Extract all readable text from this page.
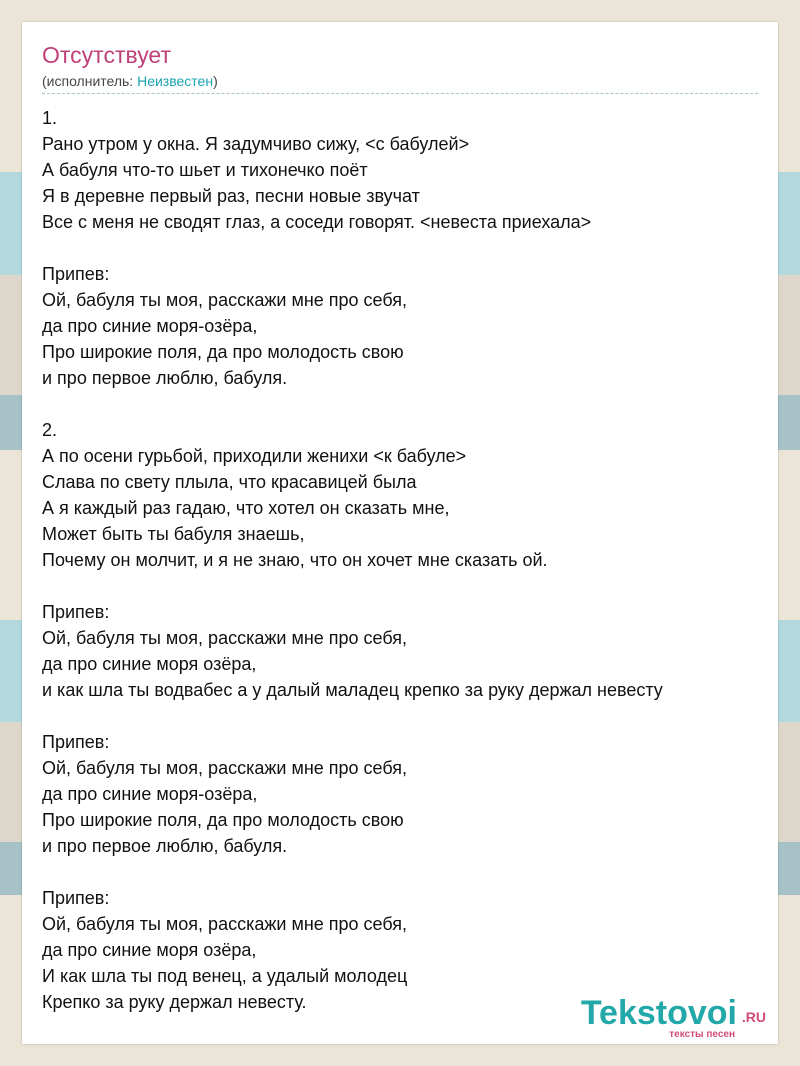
Отсутствует
(исполнитель: Неизвестен)
1.
Рано утром у окна. Я задумчиво сижу, <с бабулей>
А бабуля что-то шьет и тихонечко поёт
Я в деревне первый раз, песни новые звучат
Все с меня не сводят глаз, а соседи говорят. <невеста приехала>
Припев:
Ой, бабуля ты моя, расскажи мне про себя,
да про синие моря-озёра,
Про широкие поля, да про молодость свою
и про первое люблю, бабуля.
2.
А по осени гурьбой, приходили женихи <к бабуле>
Слава по свету плыла, что красавицей была
А я каждый раз гадаю, что хотел он сказать мне,
Может быть ты бабуля знаешь,
Почему он молчит, и я не знаю, что он хочет мне сказать ой.
Припев:
Ой, бабуля ты моя, расскажи мне про себя,
да про синие моря озёра,
и как шла ты водвабес а у далый маладец крепко за руку держал невесту
Припев:
Ой, бабуля ты моя, расскажи мне про себя,
да про синие моря-озёра,
Про широкие поля, да про молодость свою
и про первое люблю, бабуля.
Припев:
Ой, бабуля ты моя, расскажи мне про себя,
да про синие моря озёра,
И как шла ты под венец, а удалый молодец
Крепко за руку держал невесту.	Tekstovoi .RU
тексты песен
